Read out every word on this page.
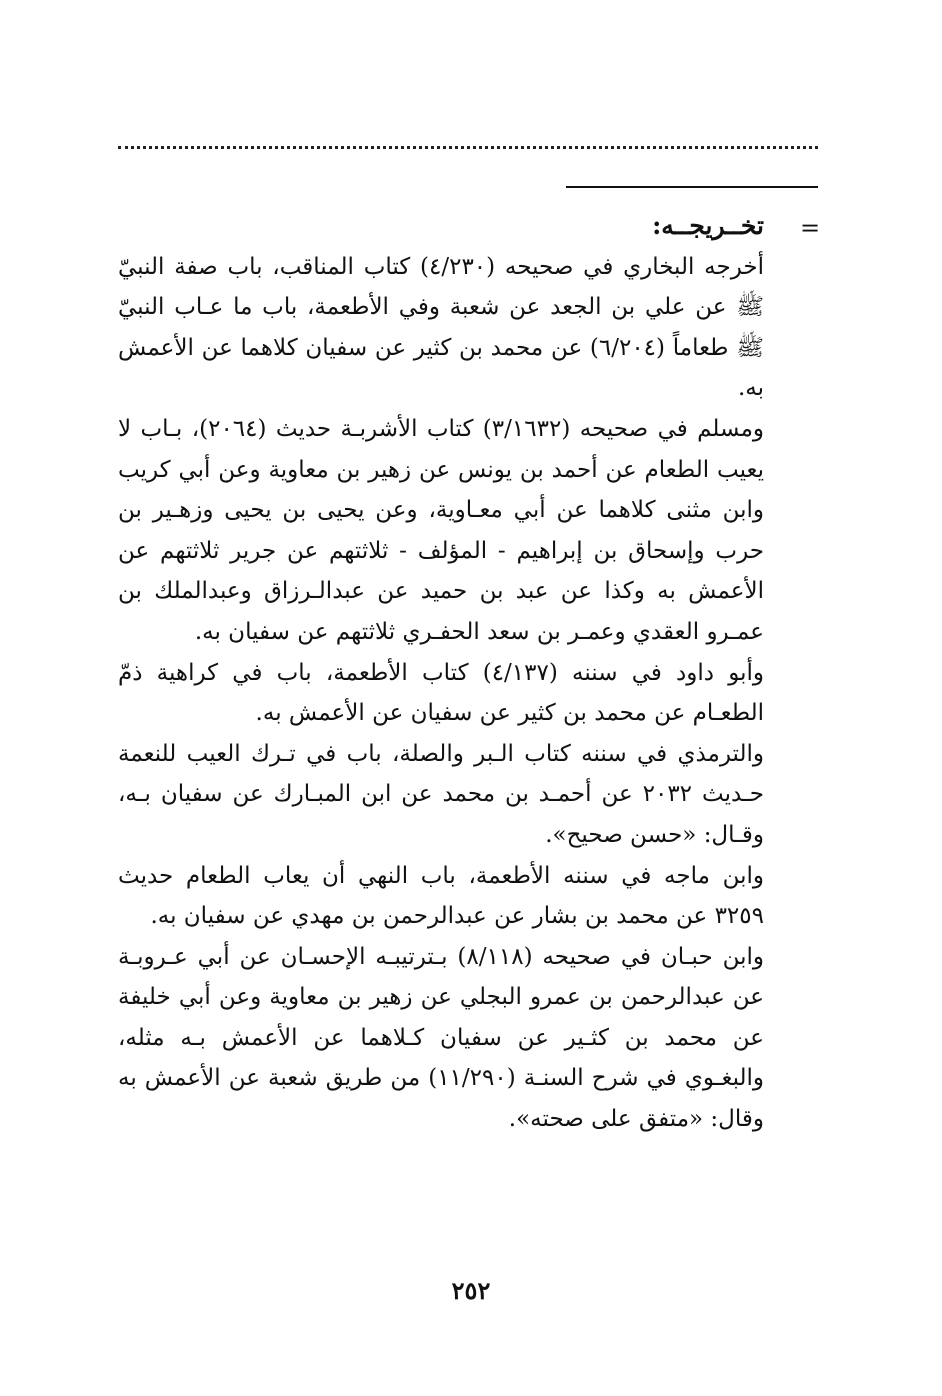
=

تخــريجــه:

أخرجه البخاري في صحيحه (٤/٢٣٠) كتاب المناقب، باب صفة النبيّ ﷺ عن علي بن الجعد عن شعبة وفي الأطعمة، باب ما عـاب النبيّ ﷺ طعاماً (٦/٢٠٤) عن محمد بن كثير عن سفيان كلاهما عن الأعمش به.

ومسلم في صحيحه (٣/١٦٣٢) كتاب الأشربـة حديث (٢٠٦٤)، بـاب لا يعيب الطعام عن أحمد بن يونس عن زهير بن معاوية وعن أبي كريب وابن مثنى كلاهما عن أبي معـاوية، وعن يحيى بن يحيى وزهـير بن حرب وإسحاق بن إبراهيم - المؤلف - ثلاثتهم عن جرير ثلاثتهم عن الأعمش به وكذا عن عبد بن حميد عن عبدالـرزاق وعبدالملك بن عمـرو العقدي وعمـر بن سعد الحفـري ثلاثتهم عن سفيان به.

وأبو داود في سننه (٤/١٣٧) كتاب الأطعمة، باب في كراهية ذمّ الطعـام عن محمد بن كثير عن سفيان عن الأعمش به.

والترمذي في سننه كتاب الـبر والصلة، باب في تـرك العيب للنعمة حـديث ٢٠٣٢ عن أحمـد بن محمد عن ابن المبـارك عن سفيان بـه، وقـال: «حسن صحيح».

وابن ماجه في سننه الأطعمة، باب النهي أن يعاب الطعام حديث ٣٢٥٩ عن محمد بن بشار عن عبدالرحمن بن مهدي عن سفيان به.

وابن حبـان في صحيحه (٨/١١٨) بـترتيبـه الإحسـان عن أبي عـروبـة عن عبدالرحمن بن عمرو البجلي عن زهير بن معاوية وعن أبي خليفة عن محمد بن كثـير عن سفيان كـلاهما عن الأعمش بـه مثله، والبغـوي في شرح السنـة (١١/٢٩٠) من طريق شعبة عن الأعمش به وقال: «متفق على صحته».

٢٥٢
